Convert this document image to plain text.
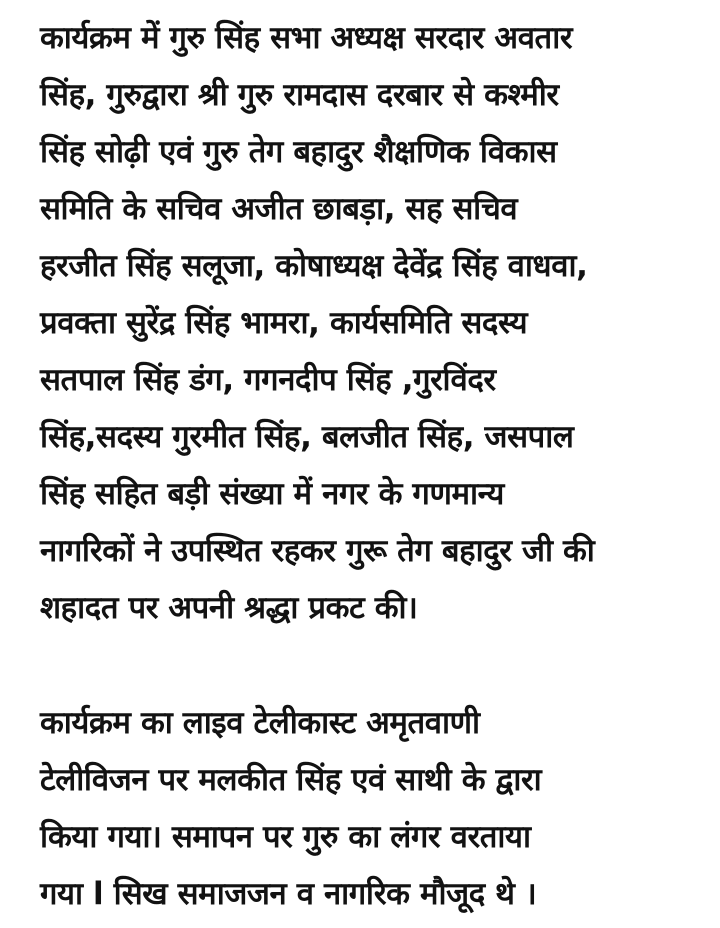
कार्यक्रम में गुरु सिंह सभा अध्यक्ष सरदार अवतार
सिंह, गुरुद्वारा श्री गुरु रामदास दरबार से कश्मीर
सिंह सोढ़ी एवं गुरु तेग बहादुर शैक्षणिक विकास
समिति के सचिव अजीत छाबड़ा, सह सचिव
हरजीत सिंह सलूजा, कोषाध्यक्ष देवेंद्र सिंह वाधवा,
प्रवक्ता सुरेंद्र सिंह भामरा, कार्यसमिति सदस्य
सतपाल सिंह डंग, गगनदीप सिंह ,गुरविंदर
सिंह,सदस्य गुरमीत सिंह, बलजीत सिंह, जसपाल
सिंह सहित बड़ी संख्या में नगर के गणमान्य
नागरिकों ने उपस्थित रहकर गुरू तेग बहादुर जी की
शहादत पर अपनी श्रद्धा प्रकट की।

कार्यक्रम का लाइव टेलीकास्ट अमृतवाणी
टेलीविजन पर मलकीत सिंह एवं साथी के द्वारा
किया गया। समापन पर गुरु का लंगर वरताया
गया l सिख समाजजन व नागरिक मौजूद थे ।
